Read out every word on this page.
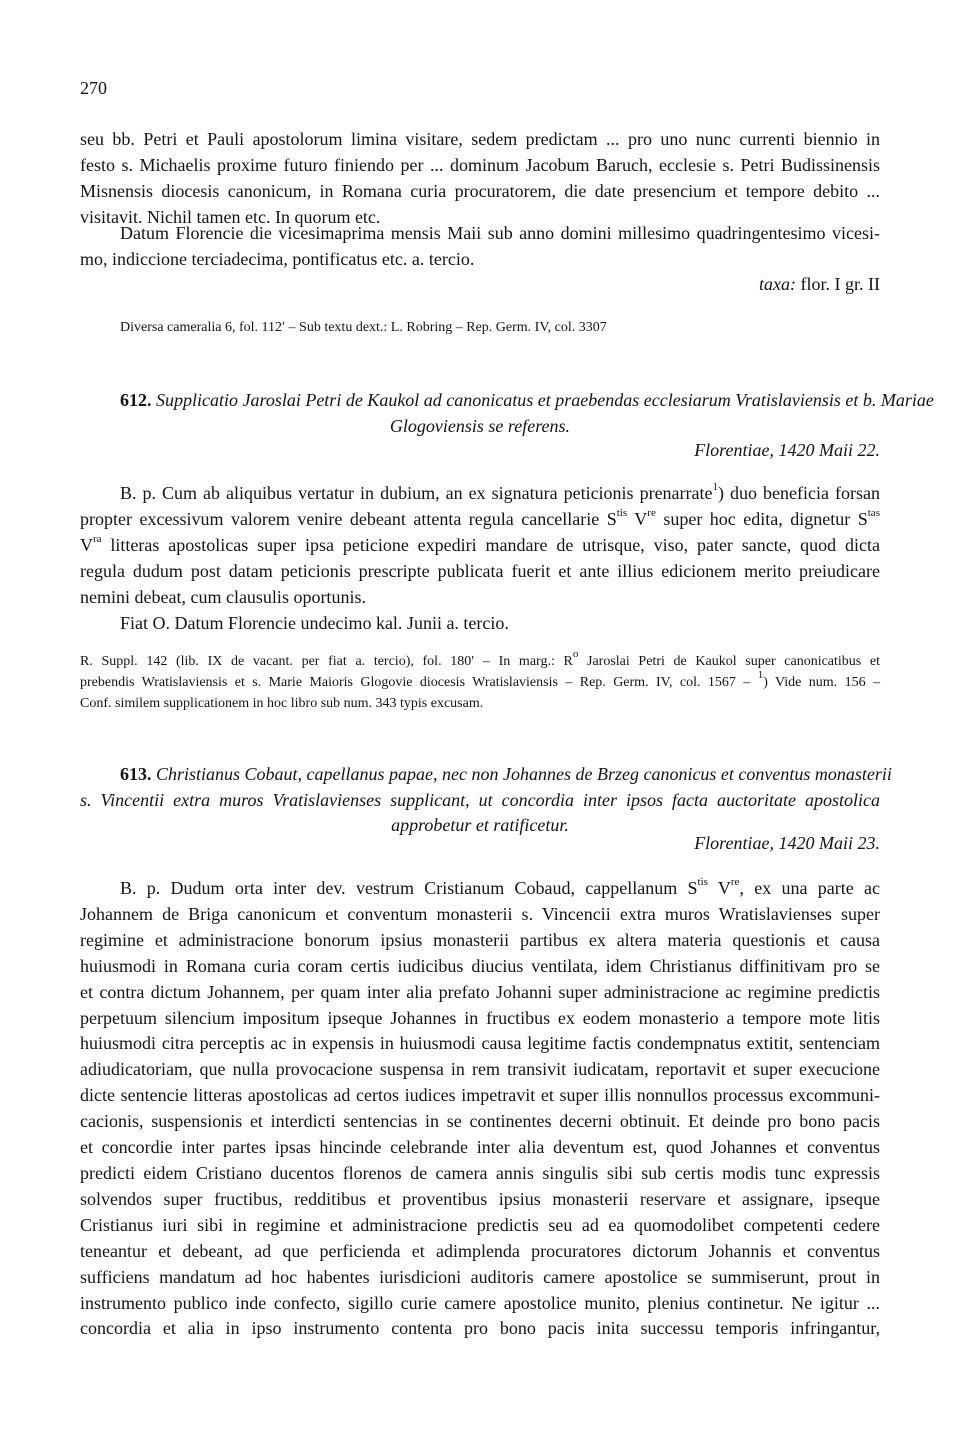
270
seu bb. Petri et Pauli apostolorum limina visitare, sedem predictam ... pro uno nunc currenti biennio in
festo s. Michaelis proxime futuro finiendo per ... dominum Jacobum Baruch, ecclesie s. Petri Budissinensis
Misnensis diocesis canonicum, in Romana curia procuratorem, die date presencium et tempore debito ...
visitavit. Nichil tamen etc. In quorum etc.
Datum Florencie die vicesimaprima mensis Maii sub anno domini millesimo quadringentesimo vicesi-
mo, indiccione terciadecima, pontificatus etc. a. tercio.
taxa: flor. I gr. II
Diversa cameralia 6, fol. 112′ – Sub textu dext.: L. Robring – Rep. Germ. IV, col. 3307
612. Supplicatio Jaroslai Petri de Kaukol ad canonicatus et praebendas ecclesiarum Vratislaviensis et b. Mariae
Glogoviensis se referens.
Florentiae, 1420 Maii 22.
B. p. Cum ab aliquibus vertatur in dubium, an ex signatura peticionis prenarrate$^1$) duo beneficia forsan
propter excessivum valorem venire debeant attenta regula cancellarie $S^{tis}$ Vre super hoc edita, dignetur $S^{tas}$
$V^{ra}$ litteras apostolicas super ipsa peticione expediri mandare de utrisque, viso, pater sancte, quod dicta
regula dudum post datam peticionis prescripte publicata fuerit et ante illius edicionem merito preiudicare
nemini debeat, cum clausulis oportunis.
Fiat O. Datum Florencie undecimo kal. Junii a. tercio.
R. Suppl. 142 (lib. IX de vacant. per fiat a. tercio), fol. 180′ – In marg.: $R^o$ Jaroslai Petri de Kaukol super canonicatibus et
prebendis Wratislaviensis et s. Marie Maioris Glogovie diocesis Wratislaviensis – Rep. Germ. IV, col. 1567 – $^1$) Vide num. 156 –
Conf. similem supplicationem in hoc libro sub num. 343 typis excusam.
613. Christianus Cobaut, capellanus papae, nec non Johannes de Brzeg canonicus et conventus monasterii
s. Vincentii extra muros Vratislavienses supplicant, ut concordia inter ipsos facta auctoritate apostolica
approbetur et ratificetur.
Florentiae, 1420 Maii 23.
B. p. Dudum orta inter dev. vestrum Cristianum Cobaud, cappellanum $S^{tis}$ Vre, ex una parte ac
Johannem de Briga canonicum et conventum monasterii s. Vincencii extra muros Wratislavienses super
regimine et administracione bonorum ipsius monasterii partibus ex altera materia questionis et causa
huiusmodi in Romana curia coram certis iudicibus diucius ventilata, idem Christianus diffinitivam pro se
et contra dictum Johannem, per quam inter alia prefato Johanni super administracione ac regimine predictis
perpetuum silencium impositum ipseque Johannes in fructibus ex eodem monasterio a tempore mote litis
huiusmodi citra perceptis ac in expensis in huiusmodi causa legitime factis condempnatus extitit, sentenciam
adiudicatoriam, que nulla provocacione suspensa in rem transivit iudicatam, reportavit et super execucione
dicte sentencie litteras apostolicas ad certos iudices impetravit et super illis nonnullos processus excommuni-
cacionis, suspensionis et interdicti sentencias in se continentes decerni obtinuit. Et deinde pro bono pacis
et concordie inter partes ipsas hincinde celebrande inter alia deventum est, quod Johannes et conventus
predicti eidem Cristiano ducentos florenos de camera annis singulis sibi sub certis modis tunc expressis
solvendos super fructibus, redditibus et proventibus ipsius monasterii reservare et assignare, ipseque
Cristianus iuri sibi in regimine et administracione predictis seu ad ea quomodolibet competenti cedere
teneantur et debeant, ad que perficienda et adimplenda procuratores dictorum Johannis et conventus
sufficiens mandatum ad hoc habentes iurisdicioni auditoris camere apostolice se summiserunt, prout in
instrumento publico inde confecto, sigillo curie camere apostolice munito, plenius continetur. Ne igitur ...
concordia et alia in ipso instrumento contenta pro bono pacis inita successu temporis infringantur,
